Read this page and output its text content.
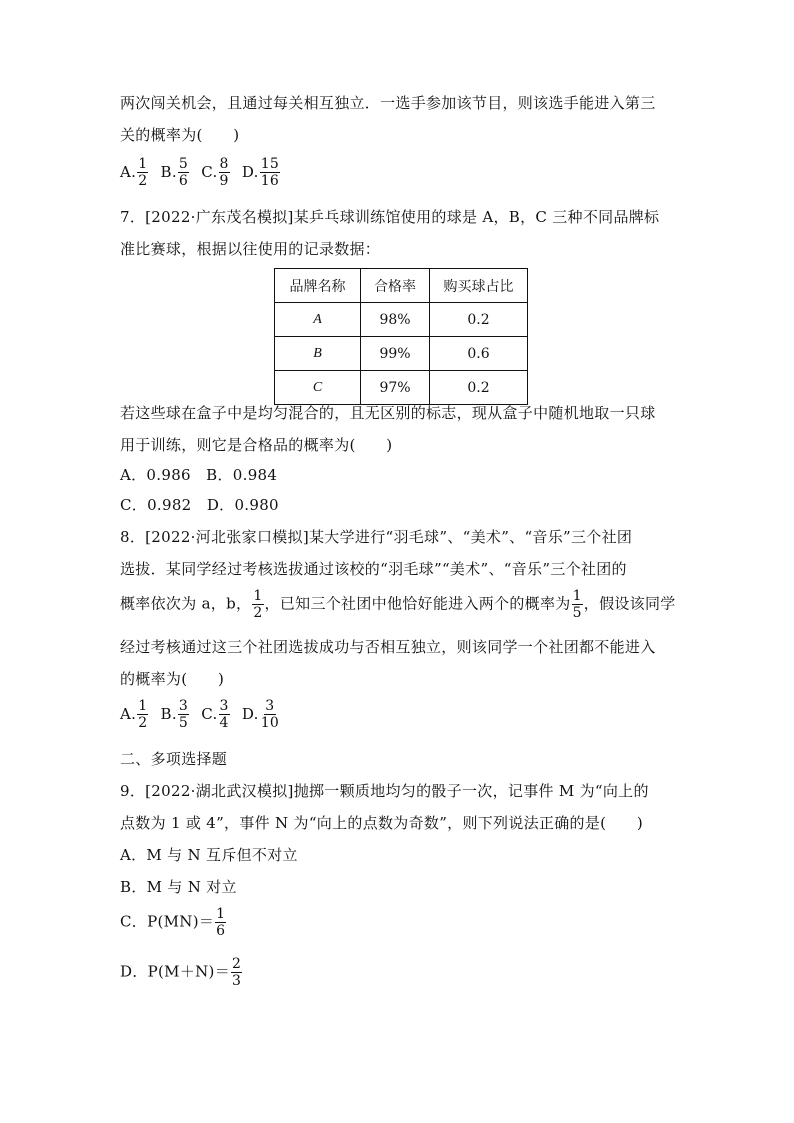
两次闯关机会，且通过每关相互独立．一选手参加该节目，则该选手能进入第三
关的概率为(　　)
A. $\frac{1}{2} B$. $\frac{5}{6} C$. $\frac{8}{9} D$. $\frac{15}{16}$
7．[2022·广东茂名模拟]某乒乓球训练馆使用的球是 A，B，C 三种不同品牌标
准比赛球，根据以往使用的记录数据：
品牌名称	合格率	购买球占比
A	98%	0.2
B	99%	0.6
C	97%	0.2
若这些球在盒子中是均匀混合的，且无区别的标志，现从盒子中随机地取一只球
用于训练，则它是合格品的概率为(　　)
A．0.986　B．0.984
C．0.982　D．0.980
8．[2022·河北张家口模拟]某大学进行“羽毛球”、“美术”、“音乐”三个社团
选拔．某同学经过考核选拔通过该校的“羽毛球”“美术”、“音乐”三个社团的
概率依次为 a，b， $\frac{1}{2}$ ，已知三个社团中他恰好能进入两个的概率为 $\frac{1}{5}$ ，假设该同学
经过考核通过这三个社团选拔成功与否相互独立，则该同学一个社团都不能进入
的概率为(　　)
A. $\frac{1}{2} B$. $\frac{3}{5} C$. $\frac{3}{4} D$. $\frac{3}{10}$
二、多项选择题
9．[2022·湖北武汉模拟]抛掷一颗质地均匀的骰子一次，记事件 M 为“向上的
点数为 1 或 4”，事件 N 为“向上的点数为奇数”，则下列说法正确的是(　　)
A．M 与 N 互斥但不对立
B．M 与 N 对立
C．$P(MN)= \frac{1}{6}$
D．$P(M+N)= \frac{2}{3}$
